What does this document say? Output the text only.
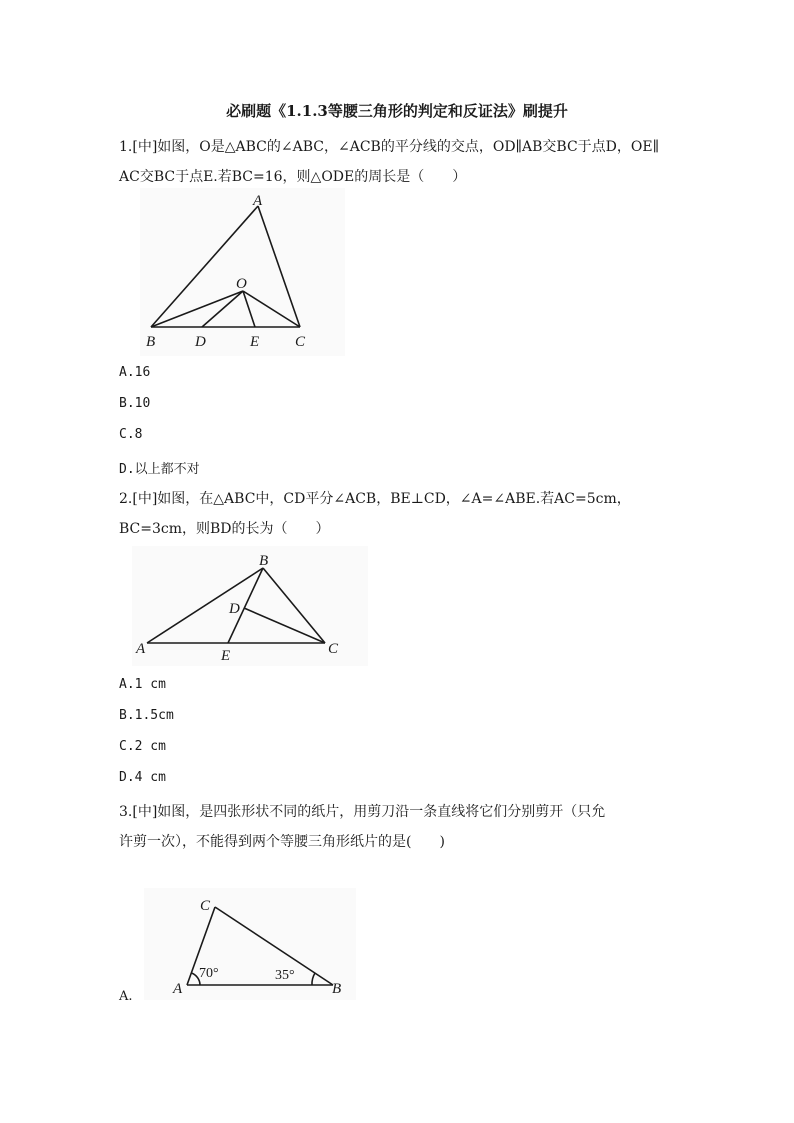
必刷题《1.1.3等腰三角形的判定和反证法》刷提升
1.[中]如图，O是△ABC的∠ABC，∠ACB的平分线的交点，OD∥AB交BC于点D，OE∥
AC交BC于点E.若BC=16，则△ODE的周长是（　　）
A
O
B	D	E C
A.16
B.10
C.8
D.以上都不对
2.[中]如图，在△ABC中，CD平分∠ACB，BE⊥CD，∠A=∠ABE.若AC=5cm，
BC=3cm，则BD的长为（　　）
B
D
A	E	C
A.1 cm
B.1.5cm
C.2 cm
D.4 cm
3.[中]如图，是四张形状不同的纸片，用剪刀沿一条直线将它们分别剪开（只允
许剪一次），不能得到两个等腰三角形纸片的是(　　)
A.
C
A	B
70°	35°
